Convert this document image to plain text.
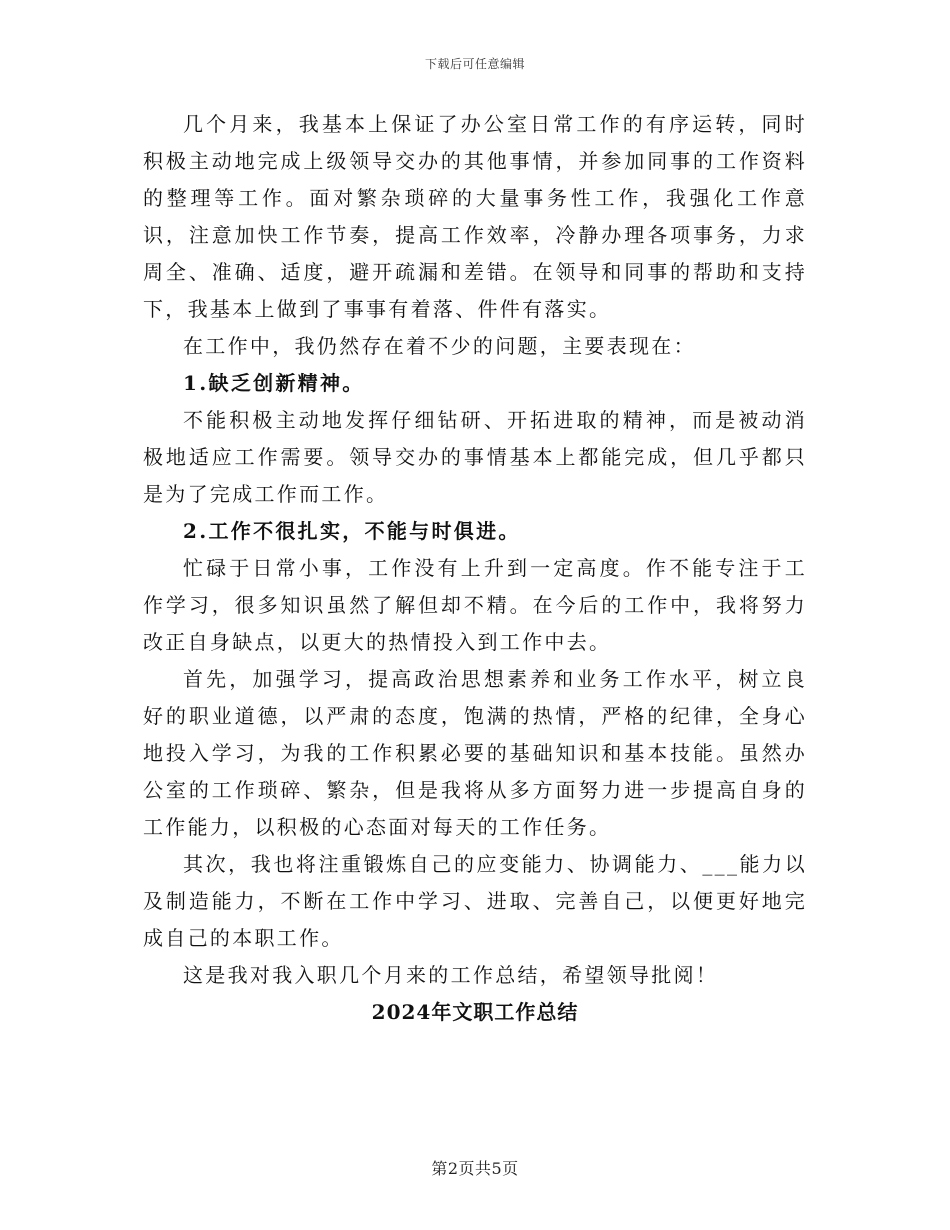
下载后可任意编辑

几个月来，我基本上保证了办公室日常工作的有序运转，同时积极主动地完成上级领导交办的其他事情，并参加同事的工作资料的整理等工作。面对繁杂琐碎的大量事务性工作，我强化工作意识，注意加快工作节奏，提高工作效率，冷静办理各项事务，力求周全、准确、适度，避开疏漏和差错。在领导和同事的帮助和支持下，我基本上做到了事事有着落、件件有落实。

在工作中，我仍然存在着不少的问题，主要表现在：

1.缺乏创新精神。

不能积极主动地发挥仔细钻研、开拓进取的精神，而是被动消极地适应工作需要。领导交办的事情基本上都能完成，但几乎都只是为了完成工作而工作。

2.工作不很扎实，不能与时俱进。

忙碌于日常小事，工作没有上升到一定高度。作不能专注于工作学习，很多知识虽然了解但却不精。在今后的工作中，我将努力改正自身缺点，以更大的热情投入到工作中去。

首先，加强学习，提高政治思想素养和业务工作水平，树立良好的职业道德，以严肃的态度，饱满的热情，严格的纪律，全身心地投入学习，为我的工作积累必要的基础知识和基本技能。虽然办公室的工作琐碎、繁杂，但是我将从多方面努力进一步提高自身的工作能力，以积极的心态面对每天的工作任务。

其次，我也将注重锻炼自己的应变能力、协调能力、___能力以及制造能力，不断在工作中学习、进取、完善自己，以便更好地完成自己的本职工作。

这是我对我入职几个月来的工作总结，希望领导批阅！

2024年文职工作总结

第2页共5页
